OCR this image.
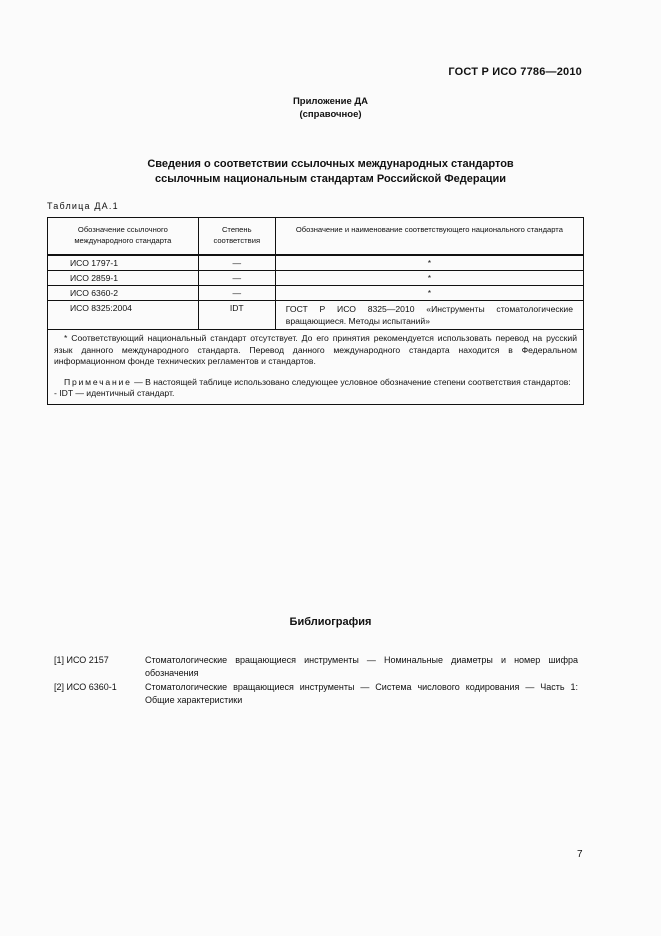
ГОСТ Р ИСО 7786—2010
Приложение ДА
(справочное)
Сведения о соответствии ссылочных международных стандартов
ссылочным национальным стандартам Российской Федерации
Таблица ДА.1
Обозначение ссылочного международного стандарта	Степень соответствия	Обозначение и наименование соответствующего национального стандарта
ИСО 1797-1	—	*
ИСО 2859-1	—	*
ИСО 6360-2	—	*
ИСО 8325:2004	IDT	ГОСТ Р ИСО 8325—2010 «Инструменты стоматологические вращающиеся. Методы испытаний»

* Соответствующий национальный стандарт отсутствует. До его принятия рекомендуется использовать перевод на русский язык данного международного стандарта. Перевод данного международного стандарта находится в Федеральном информационном фонде технических регламентов и стандартов.

Примечание — В настоящей таблице использовано следующее условное обозначение степени соответствия стандартов:

- IDT — идентичный стандарт.		

Библиография
[1] ИСО 2157	Стоматологические вращающиеся инструменты — Номинальные диаметры и номер шифра обозначения
[2] ИСО 6360-1	Стоматологические вращающиеся инструменты — Система числового кодирования — Часть 1: Общие характеристики
7
